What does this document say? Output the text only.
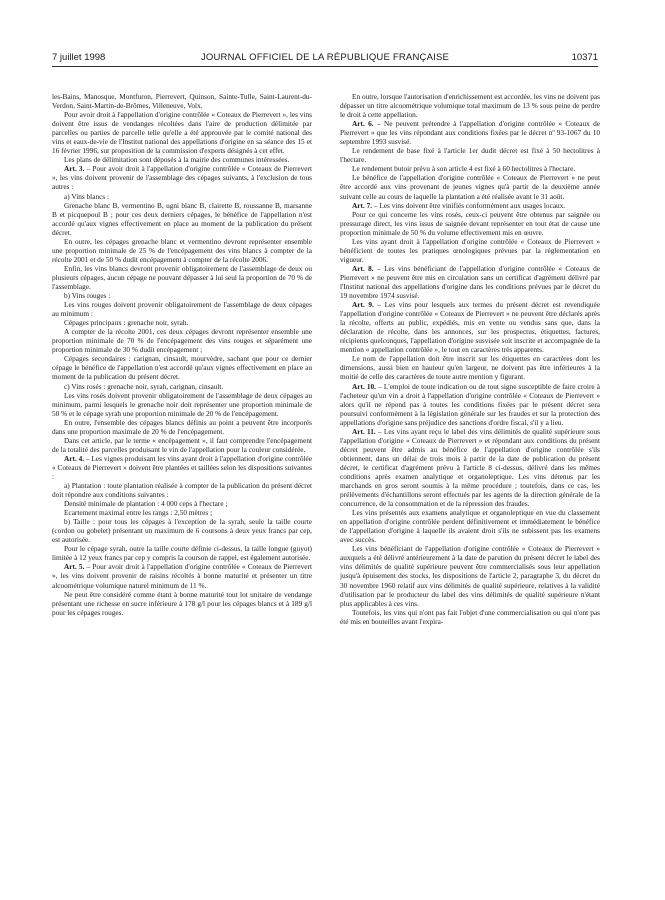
7 juillet 1998	JOURNAL OFFICIEL DE LA RÉPUBLIQUE FRANÇAISE	10371

les-Bains, Manosque, Montfuron, Pierrevert, Quinson, Sainte-Tulle, Saint-Laurent-du-Verdon, Saint-Martin-de-Brômes, Villeneuve, Volx.

Pour avoir droit à l'appellation d'origine contrôlée « Coteaux de Pierrevert », les vins doivent être issus de vendanges récoltées dans l'aire de production délimitée par parcelles ou parties de parcelle telle qu'elle a été approuvée par le comité national des vins et eaux-de-vie de l'Institut national des appellations d'origine en sa séance des 15 et 16 février 1996, sur proposition de la commission d'experts désignés à cet effet.

Les plans de délimitation sont déposés à la mairie des communes intéressées.

Art. 3. – Pour avoir droit à l'appellation d'origine contrôlée « Coteaux de Pierrevert », les vins doivent provenir de l'assemblage des cépages suivants, à l'exclusion de tous autres :

a) Vins blancs :

Grenache blanc B, vermentino B, ugni blanc B, clairette B, roussanne B, marsanne B et picquepoul B ; pour ces deux derniers cépages, le bénéfice de l'appellation n'est accordé qu'aux vignes effectivement en place au moment de la publication du présent décret.

En outre, les cépages grenache blanc et vermentino devront représenter ensemble une proportion minimale de 25 % de l'encépagement des vins blancs à compter de la récolte 2001 et de 50 % dudit encépagement à compter de la récolte 2006.

Enfin, les vins blancs devront provenir obligatoirement de l'assemblage de deux ou plusieurs cépages, aucun cépage ne pouvant dépasser à lui seul la proportion de 70 % de l'assemblage.

b) Vins rouges :

Les vins rouges doivent provenir obligatoirement de l'assemblage de deux cépages au minimum :

Cépages principaux : grenache noir, syrah.

A compter de la récolte 2001, ces deux cépages devront représenter ensemble une proportion minimale de 70 % de l'encépagement des vins rouges et séparément une proportion minimale de 30 % dudit encépagement ;

Cépages secondaires : carignan, cinsault, mourvèdre, sachant que pour ce dernier cépage le bénéfice de l'appellation n'est accordé qu'aux vignes effectivement en place au moment de la publication du présent décret.

c) Vins rosés : grenache noir, syrah, carignan, cinsault.

Les vins rosés doivent provenir obligatoirement de l'assemblage de deux cépages au minimum, parmi lesquels le grenache noir doit représenter une proportion minimale de 50 % et le cépage syrah une proportion minimale de 20 % de l'encépagement.

En outre, l'ensemble des cépages blancs définis au point a peuvent être incorporés dans une proportion maximale de 20 % de l'encépagement.

Dans cet article, par le terme « encépagement », il faut comprendre l'encépagement de la totalité des parcelles produisant le vin de l'appellation pour la couleur considérée.

Art. 4. – Les vignes produisant les vins ayant droit à l'appellation d'origine contrôlée « Coteaux de Pierrevert » doivent être plantées et taillées selon les dispositions suivantes :

a) Plantation : toute plantation réalisée à compter de la publication du présent décret doit répondre aux conditions suivantes :

Densité minimale de plantation : 4 000 ceps à l'hectare ;

Ecartement maximal entre les rangs : 2,50 mètres ;

b) Taille : pour tous les cépages à l'exception de la syrah, seule la taille courte (cordon ou gobelet) présentant un maximum de 6 coursons à deux yeux francs par cep, est autorisée.

Pour le cépage syrah, outre la taille courte définie ci-dessus, la taille longue (guyot) limitée à 12 yeux francs par cep y compris la courson de rappel, est également autorisée.

Art. 5. – Pour avoir droit à l'appellation d'origine contrôlée « Coteaux de Pierrevert », les vins doivent provenir de raisins récoltés à bonne maturité et présenter un titre alcoométrique volumique naturel minimum de 11 %.

Ne peut être considéré comme étant à bonne maturité tout lot unitaire de vendange présentant une richesse en sucre inférieure à 178 g/l pour les cépages blancs et à 189 g/l pour les cépages rouges.

En outre, lorsque l'autorisation d'enrichissement est accordée, les vins ne doivent pas dépasser un titre alcoométrique volumique total maximum de 13 % sous peine de perdre le droit à cette appellation.

Art. 6. – Ne peuvent prétendre à l'appellation d'origine contrôlée « Coteaux de Pierrevert » que les vins répondant aux conditions fixées par le décret nº 93-1067 du 10 septembre 1993 susvisé.

Le rendement de base fixé à l'article 1er dudit décret est fixé à 50 hectolitres à l'hectare.

Le rendement butoir prévu à son article 4 est fixé à 60 hectolitres à l'hectare.

Le bénéfice de l'appellation d'origine contrôlée « Coteaux de Pierrevert » ne peut être accordé aux vins provenant de jeunes vignes qu'à partir de la deuxième année suivant celle au cours de laquelle la plantation a été réalisée avant le 31 août.

Art. 7. – Les vins doivent être vinifiés conformément aux usages locaux.

Pour ce qui concerne les vins rosés, ceux-ci peuvent être obtenus par saignée ou pressurage direct, les vins issus de saignée devant représenter en tout état de cause une proportion minimale de 50 % du volume effectivement mis en œuvre.

Les vins ayant droit à l'appellation d'origine contrôlée « Coteaux de Pierrevert » bénéficient de toutes les pratiques œnologiques prévues par la réglementation en vigueur.

Art. 8. – Les vins bénéficiant de l'appellation d'origine contrôlée « Coteaux de Pierrevert » ne peuvent être mis en circulation sans un certificat d'agrément délivré par l'Institut national des appellations d'origine dans les conditions prévues par le décret du 19 novembre 1974 susvisé.

Art. 9. – Les vins pour lesquels aux termes du présent décret est revendiquée l'appellation d'origine contrôlée « Coteaux de Pierrevert » ne peuvent être déclarés après la récolte, offerts au public, expédiés, mis en vente ou vendus sans que, dans la déclaration de récolte, dans les annonces, sur les prospectus, étiquettes, factures, récipients quelconques, l'appellation d'origine susvisée soit inscrite et accompagnée de la mention « appellation contrôlée », le tout en caractères très apparents.

Le nom de l'appellation doit être inscrit sur les étiquettes en caractères dont les dimensions, aussi bien en hauteur qu'en largeur, ne doivent pas être inférieures à la moitié de celle des caractères de toute autre mention y figurant.

Art. 10. – L'emploi de toute indication ou de tout signe susceptible de faire croire à l'acheteur qu'un vin a droit à l'appellation d'origine contrôlée « Coteaux de Pierrevert » alors qu'il ne répond pas à toutes les conditions fixées par le présent décret sera poursuivi conformément à la législation générale sur les fraudes et sur la protection des appellations d'origine sans préjudice des sanctions d'ordre fiscal, s'il y a lieu.

Art. 11. – Les vins ayant reçu le label des vins délimités de qualité supérieure sous l'appellation d'origine « Coteaux de Pierrevert » et répondant aux conditions du présent décret peuvent être admis au bénéfice de l'appellation d'origine contrôlée s'ils obtiennent, dans un délai de trois mois à partir de la date de publication du présent décret, le certificat d'agrément prévu à l'article 8 ci-dessus, délivré dans les mêmes conditions après examen analytique et organoleptique. Les vins détenus par les marchands en gros seront soumis à la même procédure ; toutefois, dans ce cas, les prélèvements d'échantillons seront effectués par les agents de la direction générale de la concurrence, de la consommation et de la répression des fraudes.

Les vins présentés aux examens analytique et organoleptique en vue du classement en appellation d'origine contrôlée perdent définitivement et immédiatement le bénéfice de l'appellation d'origine à laquelle ils avaient droit s'ils ne subissent pas les examens avec succès.

Les vins bénéficiant de l'appellation d'origine contrôlée « Coteaux de Pierrevert » auxquels a été délivré antérieurement à la date de parution du présent décret le label des vins délimités de qualité supérieure peuvent être commercialisés sous leur appellation jusqu'à épuisement des stocks, les dispositions de l'article 2, paragraphe 3, du décret du 30 novembre 1960 relatif aux vins délimités de qualité supérieure, relatives à la validité d'utilisation par le producteur du label des vins délimités de qualité supérieure n'étant plus applicables à ces vins.

Toutefois, les vins qui n'ont pas fait l'objet d'une commercialisation ou qui n'ont pas été mis en bouteilles avant l'expira-
